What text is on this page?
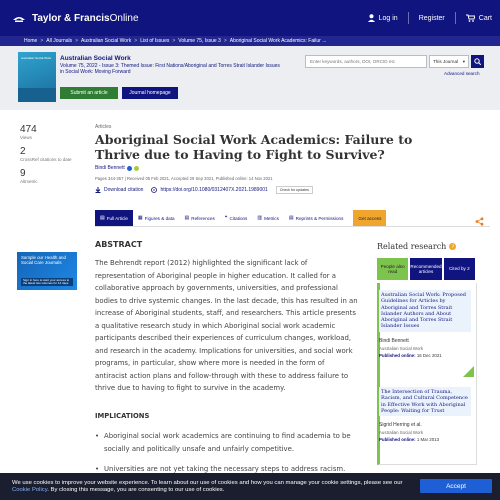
Taylor & Francis Online	Log in	Register	Cart
Home > All Journals > Australian Social Work > List of Issues > Volume 75, Issue 3 > Aboriginal Social Work Academics: Failur ...
Australian Social Work Australian Social Work
Volume 75, 2022 - Issue 3: Themed Issue: First Nations/Aboriginal and Torres Strait Islander Issues in Social Work: Moving Forward
Submit an article	Journal homepage
Enter keywords, authors, DOI, ORCID etc	This Journal ▾
Advanced search
474
Views
2
CrossRef citations to date
9
Altmetric
Articles
Aboriginal Social Work Academics: Failure to Thrive due to Having to Fight to Survive?
Bindi Bennett
Pages 344-357 | Received 05 Feb 2021, Accepted 29 Sep 2021, Published online: 14 Nov 2021
Download citation	https://doi.org/10.1080/0312407X.2021.1989001	Check for updates
▤ Full Article ▦ Figures & data ▤ References ❝ Citations ▥ Metrics ▤ Reprints & Permissions	Get access
Sample our Health and Social Care Journals
Sign in here to start your access to the latest two volumes for 14 days
ABSTRACT
The Behrendt report (2012) highlighted the significant lack of representation of Aboriginal people in higher education. It called for a collaborative approach by governments, universities, and professional bodies to drive systemic changes. In the last decade, this has resulted in an increase of Aboriginal students, staff, and researchers. This article presents a qualitative research study in which Aboriginal social work academic participants described their experiences of curriculum changes, workload, and research in the academy. Implications for universities, and social work programs, in particular, show where more is needed in the form of antiracist action plans and follow-through with these to address failure to thrive due to having to fight to survive in the academy.
IMPLICATIONS
• Aboriginal social work academics are continuing to find academia to be socially and politically unsafe and unfairly competitive.
• Universities are not yet taking the necessary steps to address racism.
Related research	?
People also read
Recommended articles
Cited by 2
Australian Social Work: Proposed Guidelines for Articles by Aboriginal and Torres Strait Islander Authors and About Aboriginal and Torres Strait Islander Issues
Bindi Bennett
Australian Social Work
Published online: 16 Dec 2021
The Intersection of Trauma, Racism, and Cultural Competence in Effective Work with Aboriginal People: Waiting for Trust
Sigrid Herring et al.
Australian Social Work
Published online: 1 Mar 2013
We use cookies to improve your website experience. To learn about our use of cookies and how you can manage your cookie settings, please see our Cookie Policy. By closing this message, you are consenting to our use of cookies.
Accept
